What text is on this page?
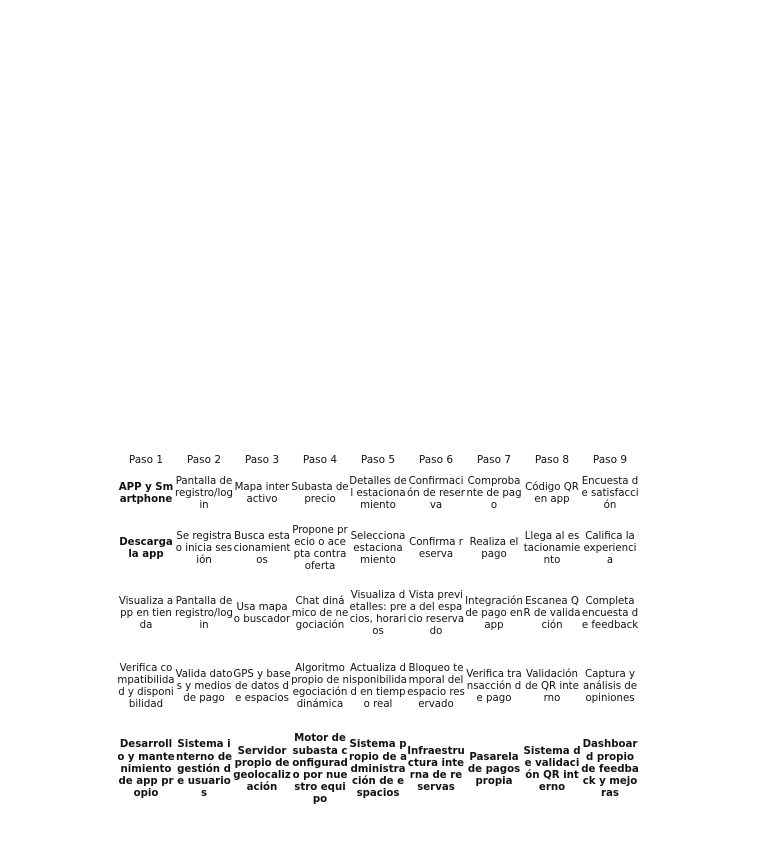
Paso 1	Paso 2	Paso 3	Paso 4	Paso 5	Paso 6	Paso 7	Paso 8	Paso 9
APP y Smartphone	Pantalla de registro/login	Mapa interactivo	Subasta de precio	Detalles del estacionamiento	Confirmación de reserva	Comprobante de pago	Código QR en app	Encuesta de satisfacción
Descarga la app	Se registra o inicia sesión	Busca estacionamientos	Propone precio o acepta contraoferta	Selecciona estacionamiento	Confirma reserva	Realiza el pago	Llega al estacionamiento	Califica la experiencia
Visualiza app en tienda	Pantalla de registro/login	Usa mapa o buscador	Chat dinámico de negociación	Visualiza detalles: precios, horarios	Vista previa del espacio reservado	Integración de pago en app	Escanea QR de validación	Completa encuesta de feedback
Verifica compatibilidad y disponibilidad	Valida datos y medios de pago	GPS y base de datos de espacios	Algoritmo propio de negociación dinámica	Actualiza disponibilidad en tiempo real	Bloqueo temporal del espacio reservado	Verifica transacción de pago	Validación de QR interno	Captura y análisis de opiniones
Desarrollo y mantenimiento de app propio	Sistema interno de gestión de usuarios	Servidor propio de geolocalización	Motor de subasta configurado por nuestro equipo	Sistema propio de administración de espacios	Infraestructura interna de reservas	Pasarela de pagos propia	Sistema de validación QR interno	Dashboard propio de feedback y mejoras
